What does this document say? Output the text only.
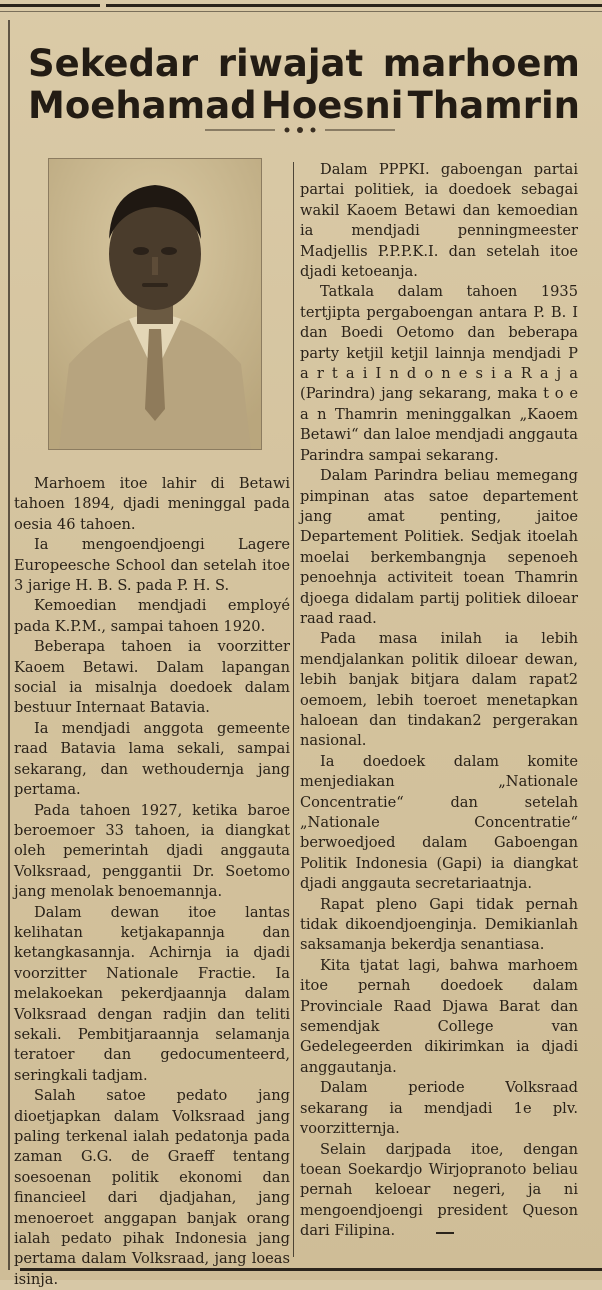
Sekedar riwajat marhoem
Moehamad Hoesni Thamrin

Marhoem itoe lahir di Betawi tahoen 1894, djadi meninggal pada oesia 46 tahoen.

Ia mengoendjoengi Lagere Europeesche School dan setelah itoe 3 jarige H. B. S. pada P. H. S.

Kemoedian mendjadi employé pada K.P.M., sampai tahoen 1920.

Beberapa tahoen ia voorzitter Kaoem Betawi. Dalam lapangan social ia misalnja doedoek dalam bestuur Internaat Batavia.

Ia mendjadi anggota gemeente raad Batavia lama sekali, sampai sekarang, dan wethoudernja jang pertama.

Pada tahoen 1927, ketika baroe beroemoer 33 tahoen, ia diangkat oleh pemerintah djadi anggauta Volksraad, penggantii Dr. Soetomo jang menolak benoemannja.

Dalam dewan itoe lantas kelihatan ketjakapannja dan ketangkasannja. Achirnja ia djadi voorzitter Nationale Fractie. Ia melakoekan pekerdjaannja dalam Volksraad dengan radjin dan teliti sekali. Pembitjaraannja selamanja teratoer dan gedocumenteerd, seringkali tadjam.

Salah satoe pedato jang dioetjapkan dalam Volksraad jang paling terkenal ialah pedatonja pada zaman G.G. de Graeff tentang soesoenan politik ekonomi dan financieel dari djadjahan, jang menoeroet anggapan banjak orang ialah pedato pihak Indonesia jang pertama dalam Volksraad, jang loeas isinja.

Dalam PPPKI. gaboengan partai partai politiek, ia doedoek sebagai wakil Kaoem Betawi dan kemoedian ia mendjadi penningmeester Madjellis P.P.P.K.I. dan setelah itoe djadi ketoeanja.

Tatkala dalam tahoen 1935 tertjipta pergaboengan antara P. B. I dan Boedi Oetomo dan beberapa party ketjil ketjil lainnja mendjadi P a r t a i I n d o n e s i a R a j a (Parindra) jang sekarang, maka t o e a n Thamrin meninggalkan „Kaoem Betawi“ dan laloe mendjadi anggauta Parindra sampai sekarang.

Dalam Parindra beliau memegang pimpinan atas satoe departement jang amat penting, jaitoe Departement Politiek. Sedjak itoelah moelai berkembangnja sepenoeh penoehnja activiteit toean Thamrin djoega didalam partij politiek diloear raad raad.

Pada masa inilah ia lebih mendjalankan politik diloear dewan, lebih banjak bitjara dalam rapat2 oemoem, lebih toeroet menetapkan haloean dan tindakan2 pergerakan nasional.

Ia doedoek dalam komite menjediakan „Nationale Concentratie“ dan setelah „Nationale Concentratie“ berwoedjoed dalam Gaboengan Politik Indonesia (Gapi) ia diangkat djadi anggauta secretariaatnja.

Rapat pleno Gapi tidak pernah tidak dikoendjoenginja. Demikianlah saksamanja bekerdja senantiasa.

Kita tjatat lagi, bahwa marhoem itoe pernah doedoek dalam Provinciale Raad Djawa Barat dan semendjak College van Gedelegeerden dikirimkan ia djadi anggautanja.

Dalam periode Volksraad sekarang ia mendjadi 1e plv. voorzitternja.

Selain darjpada itoe, dengan toean Soekardjo Wirjopranoto beliau pernah keloear negeri, ja ni mengoendjoengi president Queson dari Filipina.
